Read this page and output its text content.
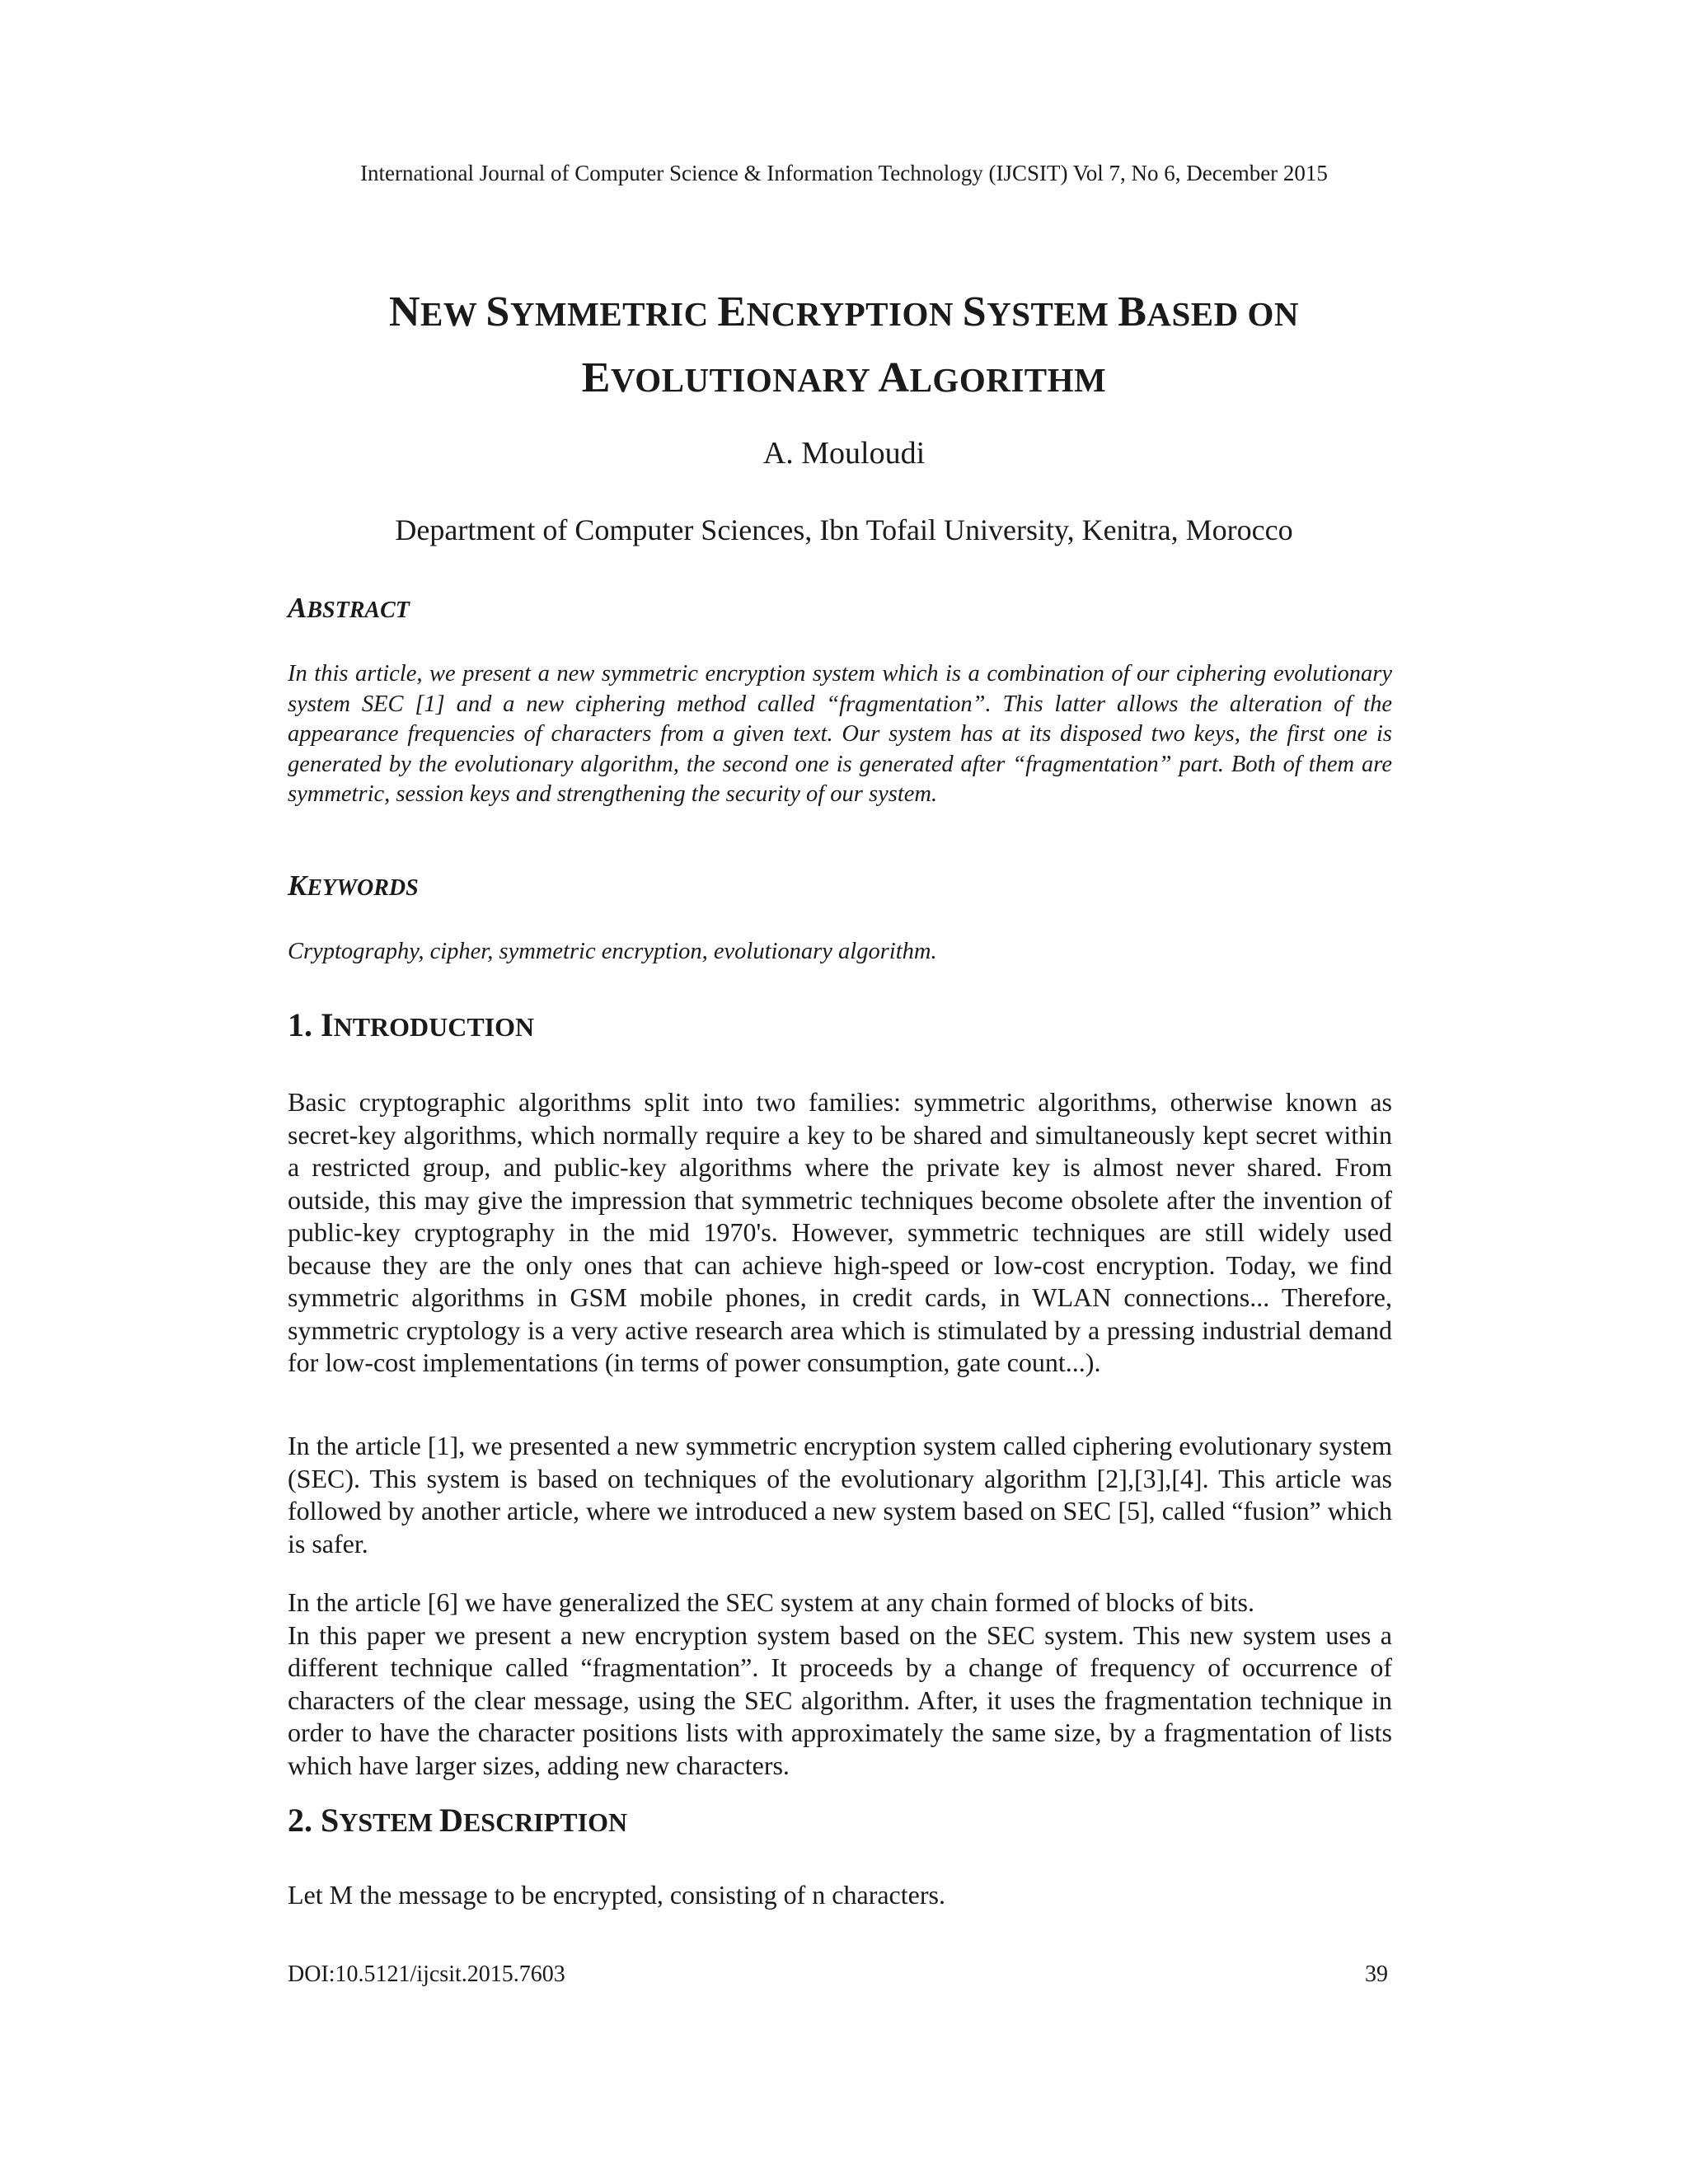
International Journal of Computer Science & Information Technology (IJCSIT) Vol 7, No 6, December 2015
NEW SYMMETRIC ENCRYPTION SYSTEM BASED ON
EVOLUTIONARY ALGORITHM
A. Mouloudi
Department of Computer Sciences, Ibn Tofail University, Kenitra, Morocco
ABSTRACT

In this article, we present a new symmetric encryption system which is a combination of our ciphering evolutionary system SEC [1] and a new ciphering method called “fragmentation”. This latter allows the alteration of the appearance frequencies of characters from a given text. Our system has at its disposed two keys, the first one is generated by the evolutionary algorithm, the second one is generated after “fragmentation” part. Both of them are symmetric, session keys and strengthening the security of our system.

KEYWORDS

Cryptography, cipher, symmetric encryption, evolutionary algorithm.

1. INTRODUCTION

Basic cryptographic algorithms split into two families: symmetric algorithms, otherwise known as secret-key algorithms, which normally require a key to be shared and simultaneously kept secret within a restricted group, and public-key algorithms where the private key is almost never shared. From outside, this may give the impression that symmetric techniques become obsolete after the invention of public-key cryptography in the mid 1970's. However, symmetric techniques are still widely used because they are the only ones that can achieve high-speed or low-cost encryption. Today, we find symmetric algorithms in GSM mobile phones, in credit cards, in WLAN connections... Therefore, symmetric cryptology is a very active research area which is stimulated by a pressing industrial demand for low-cost implementations (in terms of power consumption, gate count...).

In the article [1], we presented a new symmetric encryption system called ciphering evolutionary system (SEC). This system is based on techniques of the evolutionary algorithm [2],[3],[4]. This article was followed by another article, where we introduced a new system based on SEC [5], called “fusion” which is safer.

In the article [6] we have generalized the SEC system at any chain formed of blocks of bits.

In this paper we present a new encryption system based on the SEC system. This new system uses a different technique called “fragmentation”. It proceeds by a change of frequency of occurrence of characters of the clear message, using the SEC algorithm. After, it uses the fragmentation technique in order to have the character positions lists with approximately the same size, by a fragmentation of lists which have larger sizes, adding new characters.

2. SYSTEM DESCRIPTION

Let M the message to be encrypted, consisting of n characters.

DOI:10.5121/ijcsit.2015.7603	39
